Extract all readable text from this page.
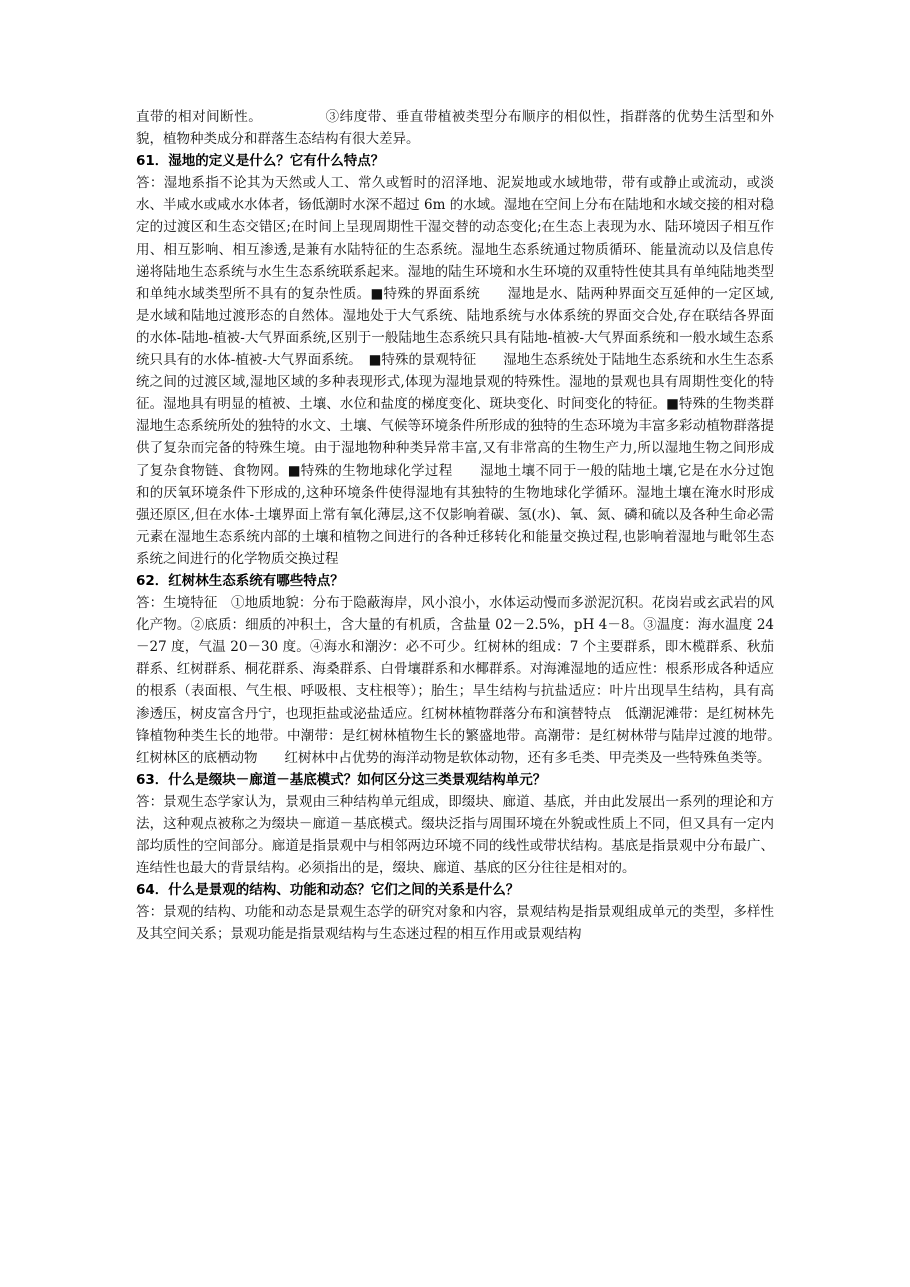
直带的相对间断性。　　　　　③纬度带、垂直带植被类型分布顺序的相似性，指群落的优势生活型和外貌，植物种类成分和群落生态结构有很大差异。

61．湿地的定义是什么？它有什么特点？

答：湿地系指不论其为天然或人工、常久或暂时的沼泽地、泥炭地或水域地带，带有或静止或流动，或淡水、半咸水或咸水水体者，钖低潮时水深不超过 6m 的水域。湿地在空间上分布在陆地和水域交接的相对稳定的过渡区和生态交错区;在时间上呈现周期性干湿交替的动态变化;在生态上表现为水、陆环境因子相互作用、相互影响、相互渗透,是兼有水陆特征的生态系统。湿地生态系统通过物质循环、能量流动以及信息传递将陆地生态系统与水生生态系统联系起来。湿地的陆生环境和水生环境的双重特性使其具有单纯陆地类型和单纯水域类型所不具有的复杂性质。■特殊的界面系统　　湿地是水、陆两种界面交互延伸的一定区域,是水域和陆地过渡形态的自然体。湿地处于大气系统、陆地系统与水体系统的界面交合处,存在联结各界面的水体-陆地-植被-大气界面系统,区别于一般陆地生态系统只具有陆地-植被-大气界面系统和一般水域生态系统只具有的水体-植被-大气界面系统。　■特殊的景观特征　　湿地生态系统处于陆地生态系统和水生生态系统之间的过渡区域,湿地区域的多种表现形式,体现为湿地景观的特殊性。湿地的景观也具有周期性变化的特征。湿地具有明显的植被、土壤、水位和盐度的梯度变化、斑块变化、时间变化的特征。■特殊的生物类群　　湿地生态系统所处的独特的水文、土壤、气候等环境条件所形成的独特的生态环境为丰富多彩动植物群落提供了复杂而完备的特殊生境。由于湿地物种种类异常丰富,又有非常高的生物生产力,所以湿地生物之间形成了复杂食物链、食物网。■特殊的生物地球化学过程　　湿地土壤不同于一般的陆地土壤,它是在水分过饱和的厌氧环境条件下形成的,这种环境条件使得湿地有其独特的生物地球化学循环。湿地土壤在淹水时形成强还原区,但在水体-土壤界面上常有氧化薄层,这不仅影响着碳、氢(水)、氧、氮、磷和硫以及各种生命必需元素在湿地生态系统内部的土壤和植物之间进行的各种迁移转化和能量交换过程,也影响着湿地与毗邻生态系统之间进行的化学物质交换过程

62．红树林生态系统有哪些特点？

答：生境特征　①地质地貌：分布于隐蔽海岸，风小浪小，水体运动慢而多淤泥沉积。花岗岩或玄武岩的风化产物。②底质：细质的冲积土，含大量的有机质，含盐量 02－2.5%，pH 4－8。③温度：海水温度 24－27 度，气温 20－30 度。④海水和潮汐：必不可少。红树林的组成：7 个主要群系，即木榄群系、秋茄群系、红树群系、桐花群系、海桑群系、白骨壤群系和水椰群系。对海滩湿地的适应性：根系形成各种适应的根系（表面根、气生根、呼吸根、支柱根等）；胎生；旱生结构与抗盐适应：叶片出现旱生结构，具有高渗透压，树皮富含丹宁，也现拒盐或泌盐适应。红树林植物群落分布和演替特点　低潮泥滩带：是红树林先锋植物种类生长的地带。中潮带：是红树林植物生长的繁盛地带。高潮带：是红树林带与陆岸过渡的地带。　红树林区的底栖动物　　红树林中占优势的海洋动物是软体动物，还有多毛类、甲壳类及一些特殊鱼类等。

63．什么是缀块－廊道－基底模式？如何区分这三类景观结构单元？

答：景观生态学家认为，景观由三种结构单元组成，即缀块、廊道、基底，并由此发展出一系列的理论和方法，这种观点被称之为缀块－廊道－基底模式。缀块泛指与周围环境在外貌或性质上不同，但又具有一定内部均质性的空间部分。廊道是指景观中与相邻两边环境不同的线性或带状结构。基底是指景观中分布最广、连结性也最大的背景结构。必须指出的是，缀块、廊道、基底的区分往往是相对的。

64．什么是景观的结构、功能和动态？它们之间的关系是什么？

答：景观的结构、功能和动态是景观生态学的研究对象和内容，景观结构是指景观组成单元的类型，多样性及其空间关系；景观功能是指景观结构与生态迷过程的相互作用或景观结构
